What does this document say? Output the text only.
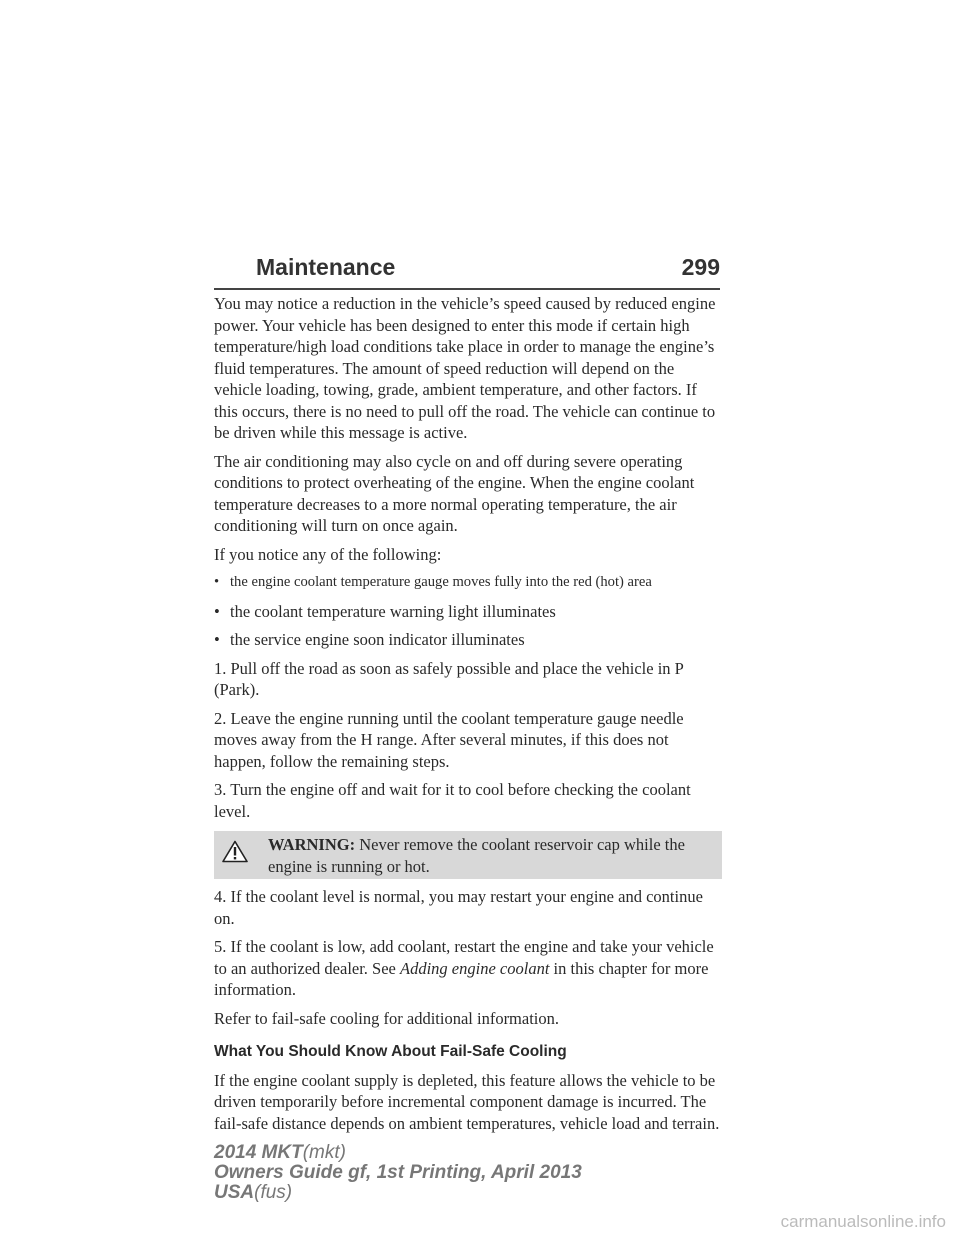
Maintenance	299

You may notice a reduction in the vehicle’s speed caused by reduced engine power. Your vehicle has been designed to enter this mode if certain high temperature/high load conditions take place in order to manage the engine’s fluid temperatures. The amount of speed reduction will depend on the vehicle loading, towing, grade, ambient temperature, and other factors. If this occurs, there is no need to pull off the road. The vehicle can continue to be driven while this message is active.

The air conditioning may also cycle on and off during severe operating conditions to protect overheating of the engine. When the engine coolant temperature decreases to a more normal operating temperature, the air conditioning will turn on once again.

If you notice any of the following:

• the engine coolant temperature gauge moves fully into the red (hot) area
• the coolant temperature warning light illuminates
• the service engine soon indicator illuminates

1. Pull off the road as soon as safely possible and place the vehicle in P (Park).

2. Leave the engine running until the coolant temperature gauge needle moves away from the H range. After several minutes, if this does not happen, follow the remaining steps.

3. Turn the engine off and wait for it to cool before checking the coolant level.

WARNING: Never remove the coolant reservoir cap while the engine is running or hot.

4. If the coolant level is normal, you may restart your engine and continue on.

5. If the coolant is low, add coolant, restart the engine and take your vehicle to an authorized dealer. See Adding engine coolant in this chapter for more information.

Refer to fail-safe cooling for additional information.

What You Should Know About Fail-Safe Cooling

If the engine coolant supply is depleted, this feature allows the vehicle to be driven temporarily before incremental component damage is incurred. The fail-safe distance depends on ambient temperatures, vehicle load and terrain.

2014 MKT(mkt)
Owners Guide gf, 1st Printing, April 2013
USA(fus)
carmanualsonline.info
